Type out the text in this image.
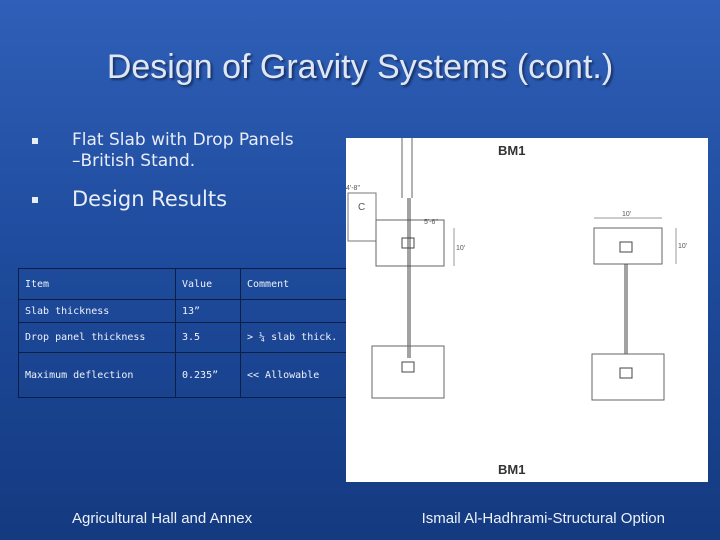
Design of Gravity Systems (cont.)
Flat Slab with Drop Panels
–British Stand.
Design Results
Item	Value	Comment
Slab thickness	13”	
Drop panel thickness	3.5	> ¼ slab thick.
Maximum deflection	0.235”	<< Allowable
BM1
BM1
C
4'-8"
5'-6"
10'
10'
10'
Agricultural Hall and Annex	Ismail Al-Hadhrami-Structural Option
